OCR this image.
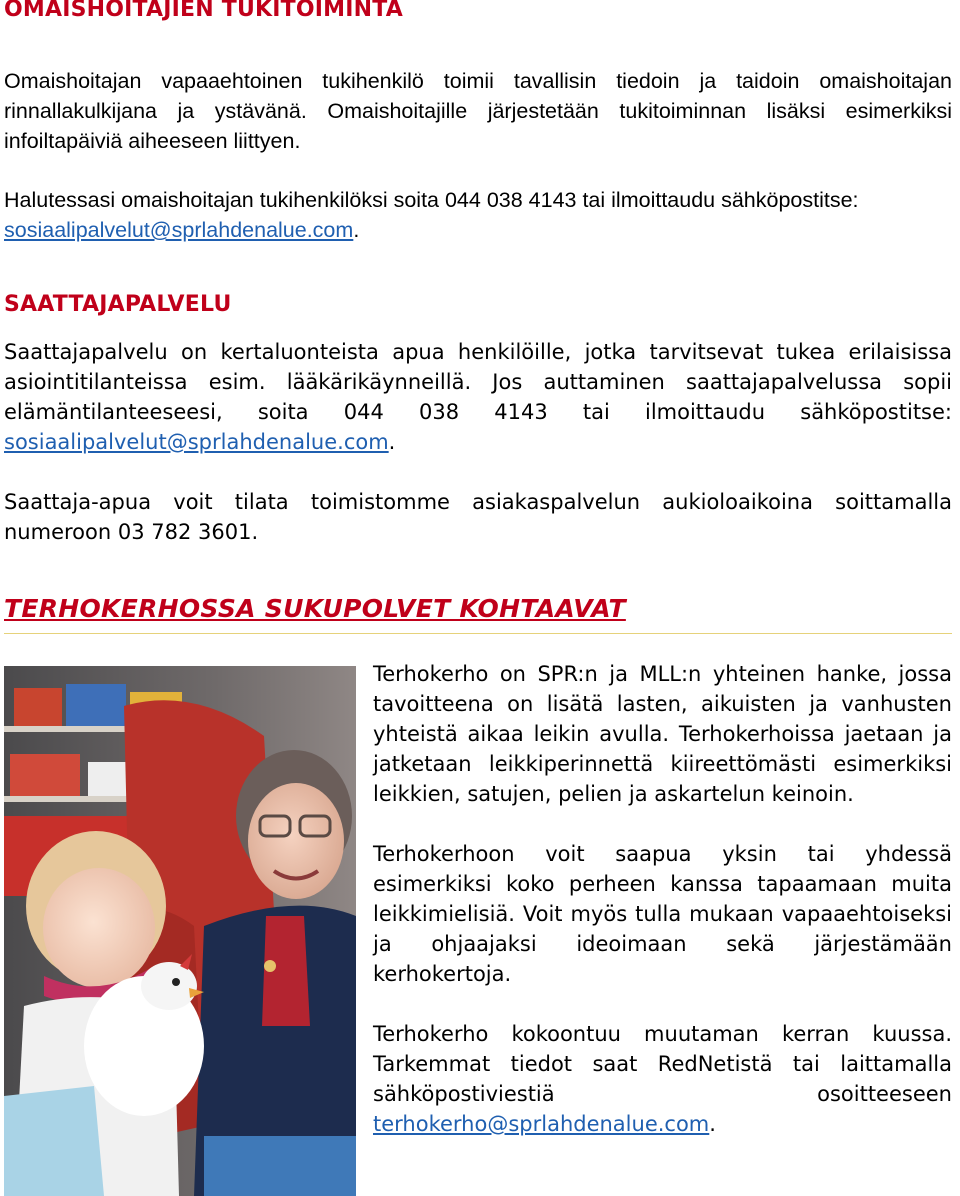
OMAISHOITAJIEN TUKITOIMINTA

Omaishoitajan vapaaehtoinen tukihenkilö toimii tavallisin tiedoin ja taidoin omaishoitajan rinnallakulkijana ja ystävänä. Omaishoitajille järjestetään tukitoiminnan lisäksi esimerkiksi infoiltapäiviä aiheeseen liittyen.

Halutessasi omaishoitajan tukihenkilöksi soita 044 038 4143 tai ilmoittaudu sähköpostitse: sosiaalipalvelut@sprlahdenalue.com.

SAATTAJAPALVELU

Saattajapalvelu on kertaluonteista apua henkilöille, jotka tarvitsevat tukea erilaisissa asiointitilanteissa esim. lääkärikäynneillä. Jos auttaminen saattajapalvelussa sopii elämäntilanteeseesi, soita 044 038 4143 tai ilmoittaudu sähköpostitse: sosiaalipalvelut@sprlahdenalue.com.

Saattaja-apua voit tilata toimistomme asiakaspalvelun aukioloaikoina soittamalla numeroon 03 782 3601.

TERHOKERHOSSA SUKUPOLVET KOHTAAVAT

Terhokerho on SPR:n ja MLL:n yhteinen hanke, jossa tavoitteena on lisätä lasten, aikuisten ja vanhusten yhteistä aikaa leikin avulla. Terhokerhoissa jaetaan ja jatketaan leikkiperinnettä kiireettömästi esimerkiksi leikkien, satujen, pelien ja askartelun keinoin.

Terhokerhoon voit saapua yksin tai yhdessä esimerkiksi koko perheen kanssa tapaamaan muita leikkimielisiä. Voit myös tulla mukaan vapaaehtoiseksi ja ohjaajaksi ideoimaan sekä järjestämään kerhokertoja.

Terhokerho kokoontuu muutaman kerran kuussa. Tarkemmat tiedot saat RedNetistä tai laittamalla sähköpostiviestiä osoitteeseen terhokerho@sprlahdenalue.com.
